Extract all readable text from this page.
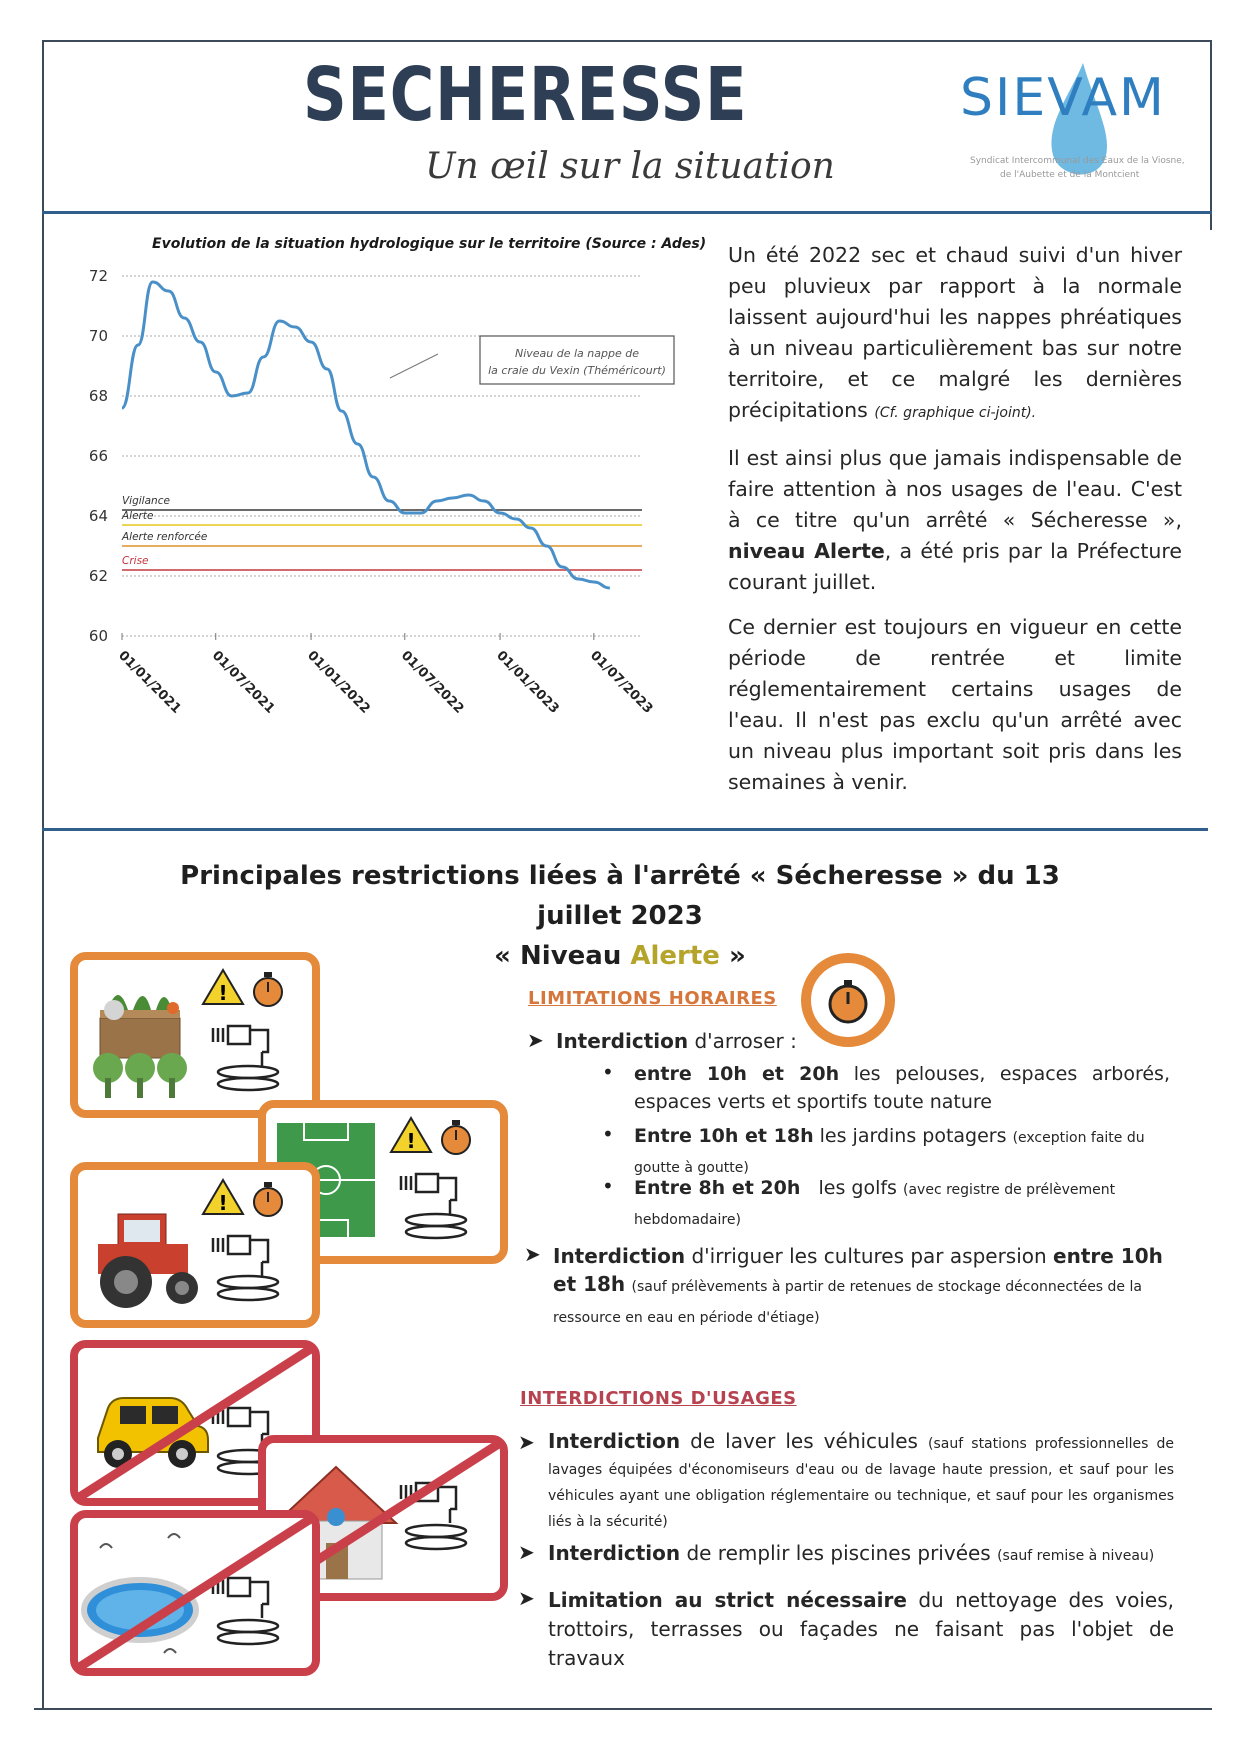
SECHERESSE
Un œil sur la situation
SIEVAM
Syndicat Intercommunal des Eaux de la Viosne,
de l'Aubette et de la Montcient
Vigilance
Alerte
Alerte renforcée
Crise
60
62
64
66
68
70
72
01/01/2021 01/07/2021 01/01/2022 01/07/2022 01/01/2023 01/07/2023
Evolution de la situation hydrologique sur le territoire (Source : Ades)
Niveau de la nappe de
la craie du Vexin (Théméricourt)

Un été 2022 sec et chaud suivi d'un hiver peu pluvieux par rapport à la normale laissent aujourd'hui les nappes phréatiques à un niveau particulièrement bas sur notre territoire, et ce malgré les dernières précipitations (Cf. graphique ci-joint).

Il est ainsi plus que jamais indispensable de faire attention à nos usages de l'eau. C'est à ce titre qu'un arrêté « Sécheresse », niveau Alerte, a été pris par la Préfecture courant juillet.

Ce dernier est toujours en vigueur en cette période de rentrée et limite réglementairement certains usages de l'eau. Il n'est pas exclu qu'un arrêté avec un niveau plus important soit pris dans les semaines à venir.

Principales restrictions liées à l'arrêté « Sécheresse » du 13 juillet 2023
« Niveau Alerte »
!
!
!
LIMITATIONS HORAIRES
➤ Interdiction d'arroser :
• entre 10h et 20h les pelouses, espaces arborés, espaces verts et sportifs toute nature
• Entre 10h et 18h les jardins potagers (exception faite du goutte à goutte)
• Entre 8h et 20h les golfs (avec registre de prélèvement hebdomadaire)
➤ Interdiction d'irriguer les cultures par aspersion entre 10h et 18h (sauf prélèvements à partir de retenues de stockage déconnectées de la ressource en eau en période d'étiage)
INTERDICTIONS D'USAGES
➤ Interdiction de laver les véhicules (sauf stations professionnelles de lavages équipées d'économiseurs d'eau ou de lavage haute pression, et sauf pour les véhicules ayant une obligation réglementaire ou technique, et sauf pour les organismes liés à la sécurité)
➤ Interdiction de remplir les piscines privées (sauf remise à niveau)
➤ Limitation au strict nécessaire du nettoyage des voies, trottoirs, terrasses ou façades ne faisant pas l'objet de travaux
